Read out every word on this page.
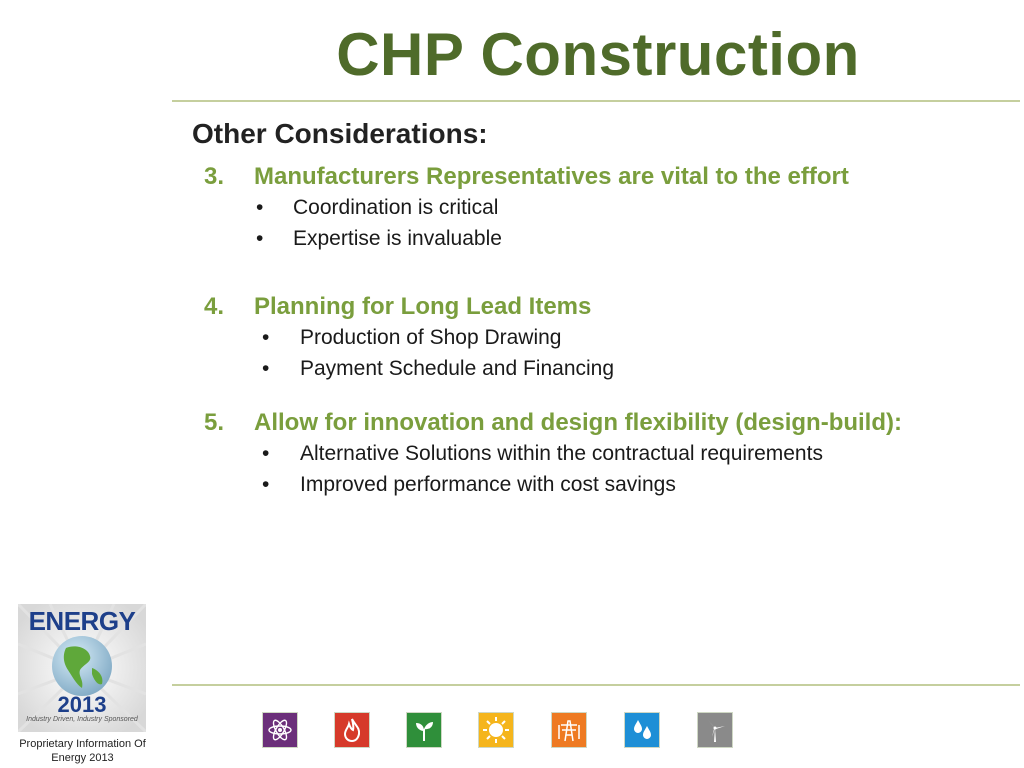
CHP Construction
Other Considerations:
3. Manufacturers Representatives are vital to the effort
• Coordination is critical
• Expertise is invaluable
4. Planning for Long Lead Items
• Production of Shop Drawing
• Payment Schedule and Financing
5. Allow for innovation and design flexibility (design-build):
• Alternative Solutions within the contractual requirements
• Improved performance with cost savings
ENERGY
2013
Industry Driven, Industry Sponsored
Proprietary Information Of
Energy 2013
